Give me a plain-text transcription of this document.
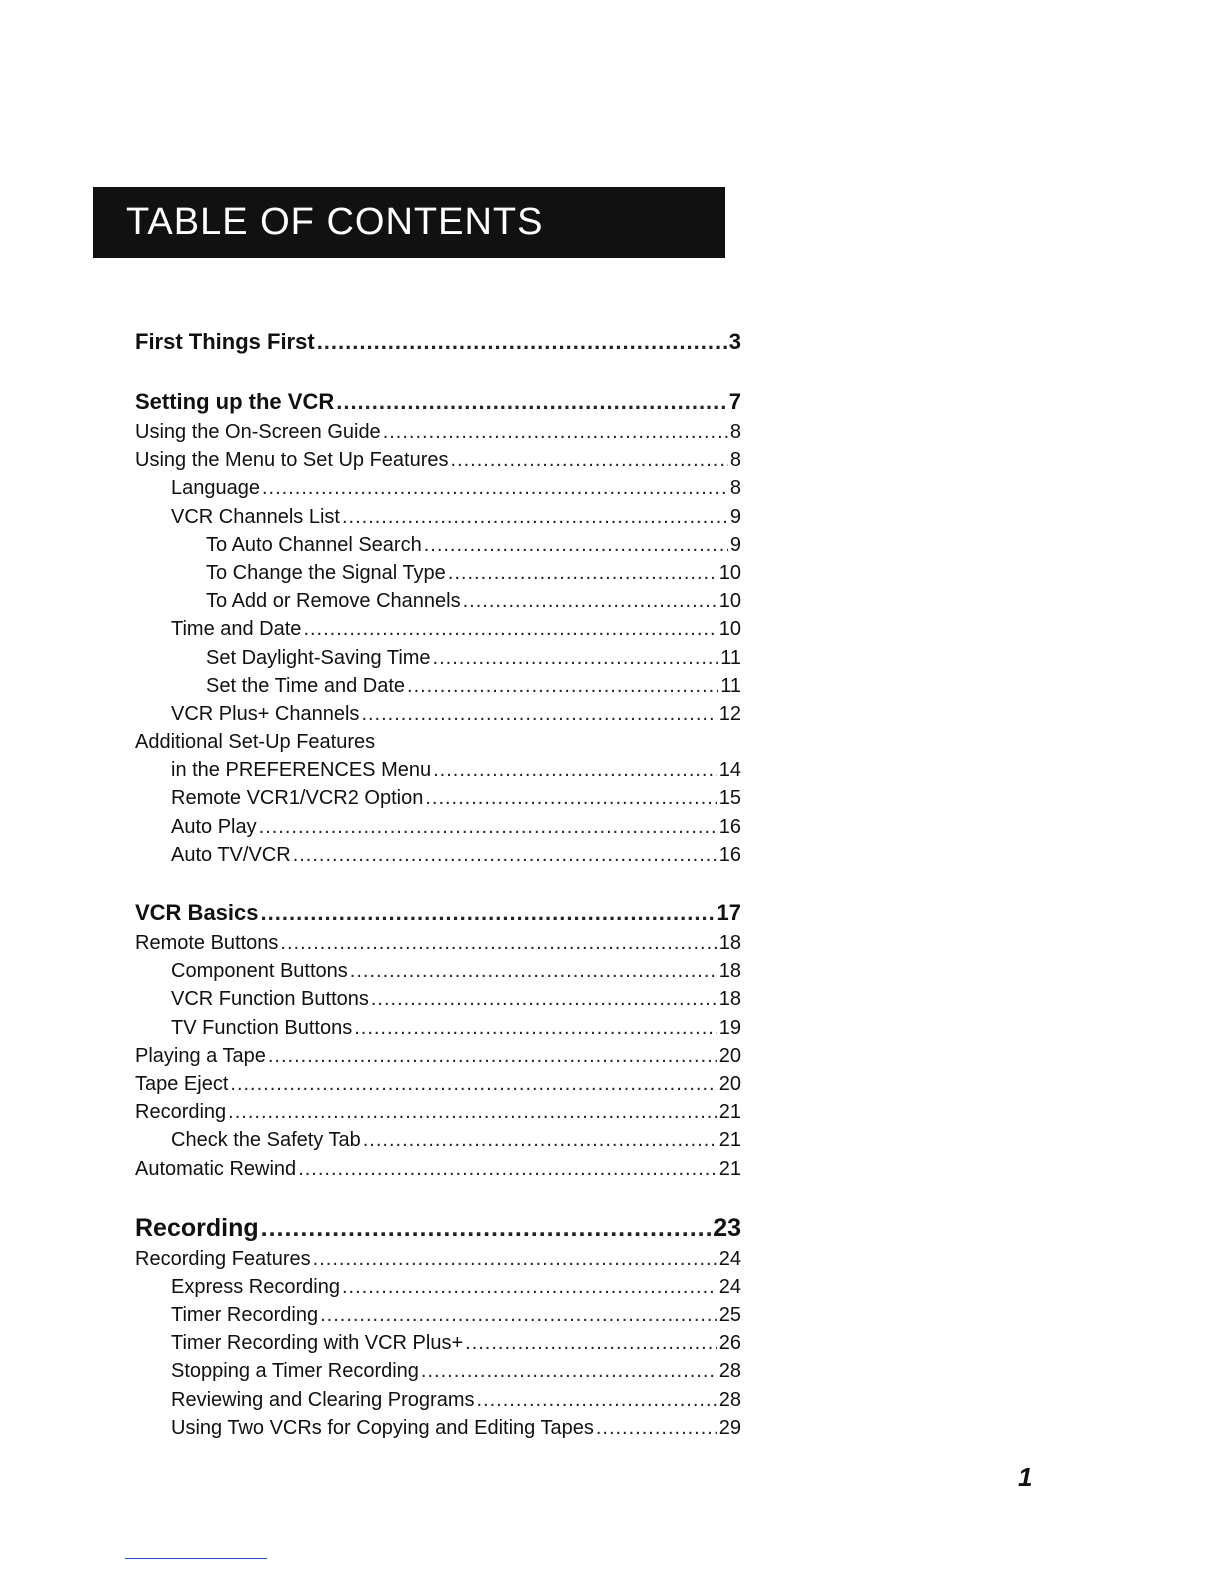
TABLE OF CONTENTS
First Things First .....	3
Setting up the VCR .....	7
Using the On-Screen Guide .....	8
Using the Menu to Set Up Features .....	8
Language .....	8
VCR Channels List .....	9
To Auto Channel Search .....	9
To Change the Signal Type .....	10
To Add or Remove Channels .....	10
Time and Date .....	10
Set Daylight-Saving Time .....	11
Set the Time and Date .....	11
VCR Plus+ Channels .....	12
Additional Set-Up Features
in the PREFERENCES Menu .....	14
Remote VCR1/VCR2 Option .....	15
Auto Play .....	16
Auto TV/VCR .....	16
VCR Basics .....	17
Remote Buttons .....	18
Component Buttons .....	18
VCR Function Buttons .....	18
TV Function Buttons .....	19
Playing a Tape .....	20
Tape Eject .....	20
Recording .....	21
Check the Safety Tab .....	21
Automatic Rewind .....	21
Recording .....	23
Recording Features .....	24
Express Recording .....	24
Timer Recording .....	25
Timer Recording with VCR Plus+ .....	26
Stopping a Timer Recording .....	28
Reviewing and Clearing Programs .....	28
Using Two VCRs for Copying and Editing Tapes .....	29
1
